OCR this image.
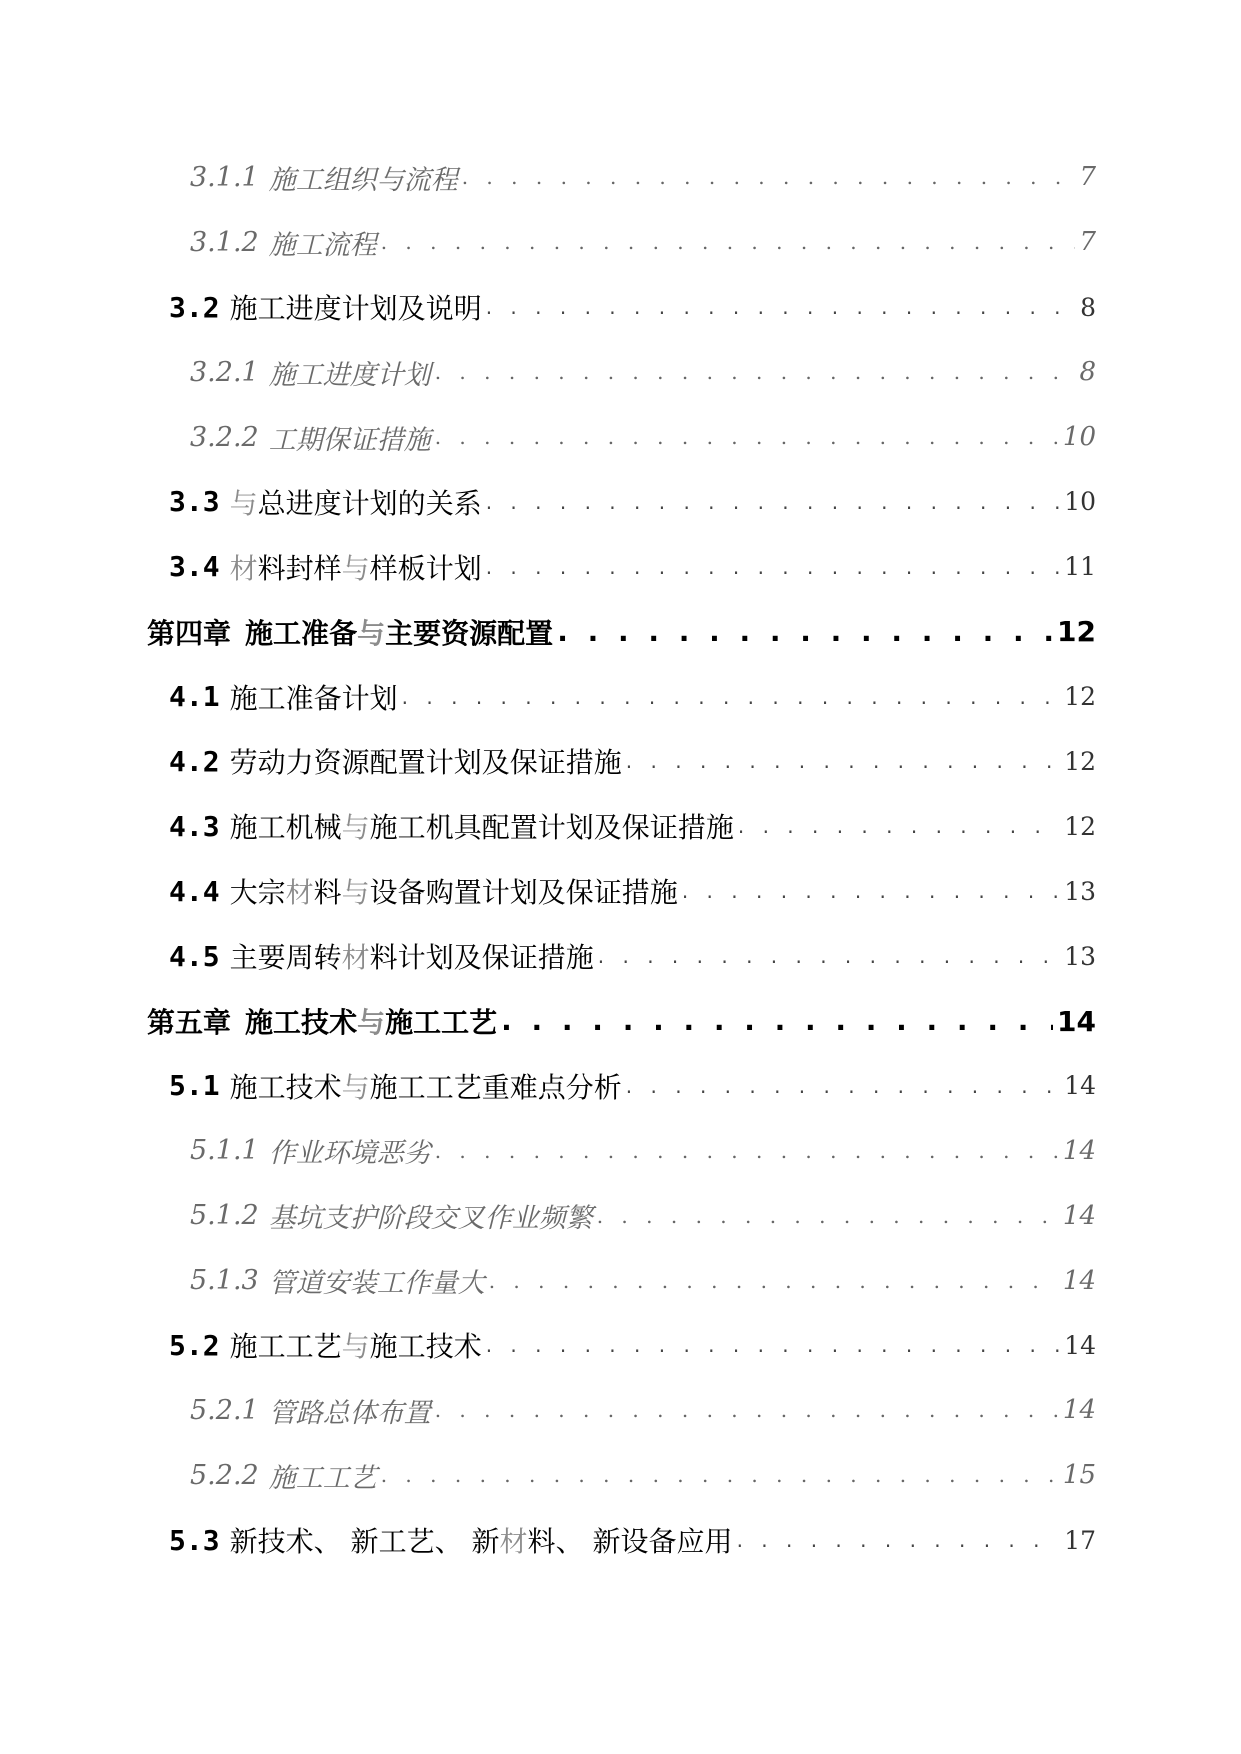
3.1.1 施工组织与流程 . . .	7
3.1.2 施工流程 . . .	7
3.2 施工进度计划及说明 . . .	8
3.2.1 施工进度计划 . . .	8
3.2.2 工期保证措施 . . .	10
3.3 与总进度计划的关系 . . .	10
3.4 材料封样与样板计划 . . .	11
第四章 施工准备与主要资源配置 . . .	12
4.1 施工准备计划 . . .	12
4.2 劳动力资源配置计划及保证措施 . . .	12
4.3 施工机械与施工机具配置计划及保证措施 . . .	12
4.4 大宗材料与设备购置计划及保证措施 . . .	13
4.5 主要周转材料计划及保证措施 . . .	13
第五章 施工技术与施工工艺 . . .	14
5.1 施工技术与施工工艺重难点分析 . . .	14
5.1.1 作业环境恶劣 . . .	14
5.1.2 基坑支护阶段交叉作业频繁 . . .	14
5.1.3 管道安装工作量大 . . .	14
5.2 施工工艺与施工技术 . . .	14
5.2.1 管路总体布置 . . .	14
5.2.2 施工工艺 . . .	15
5.3 新技术、 新工艺、 新材料、 新设备应用 . . .	17
